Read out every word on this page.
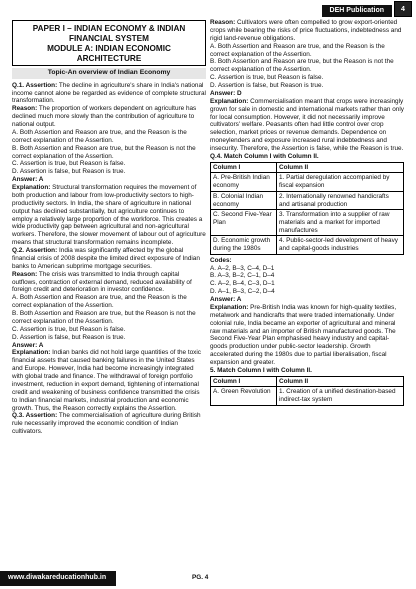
DEH Publication	4
PAPER I – INDIAN ECONOMY & INDIAN FINANCIAL SYSTEM
MODULE A: INDIAN ECONOMIC ARCHITECTURE
Topic-An overview of Indian Economy

Q.1. Assertion: The decline in agriculture's share in India's national income cannot alone be regarded as evidence of complete structural transformation.

Reason: The proportion of workers dependent on agriculture has declined much more slowly than the contribution of agriculture to national output.

A. Both Assertion and Reason are true, and the Reason is the correct explanation of the Assertion.

B. Both Assertion and Reason are true, but the Reason is not the correct explanation of the Assertion.

C. Assertion is true, but Reason is false.

D. Assertion is false, but Reason is true.

Answer: A

Explanation: Structural transformation requires the movement of both production and labour from low-productivity sectors to high-productivity sectors. In India, the share of agriculture in national output has declined substantially, but agriculture continues to employ a relatively large proportion of the workforce. This creates a wide productivity gap between agricultural and non-agricultural workers. Therefore, the slower movement of labour out of agriculture means that structural transformation remains incomplete.

Q.2. Assertion: India was significantly affected by the global financial crisis of 2008 despite the limited direct exposure of Indian banks to American subprime mortgage securities.

Reason: The crisis was transmitted to India through capital outflows, contraction of external demand, reduced availability of foreign credit and deterioration in investor confidence.

A. Both Assertion and Reason are true, and the Reason is the correct explanation of the Assertion.

B. Both Assertion and Reason are true, but the Reason is not the correct explanation of the Assertion.

C. Assertion is true, but Reason is false.

D. Assertion is false, but Reason is true.

Answer: A

Explanation: Indian banks did not hold large quantities of the toxic financial assets that caused banking failures in the United States and Europe. However, India had become increasingly integrated with global trade and finance. The withdrawal of foreign portfolio investment, reduction in export demand, tightening of international credit and weakening of business confidence transmitted the crisis to Indian financial markets, industrial production and economic growth. Thus, the Reason correctly explains the Assertion.

Q.3. Assertion: The commercialisation of agriculture during British rule necessarily improved the economic condition of Indian cultivators.

Reason: Cultivators were often compelled to grow export-oriented crops while bearing the risks of price fluctuations, indebtedness and rigid land-revenue obligations.

A. Both Assertion and Reason are true, and the Reason is the correct explanation of the Assertion.

B. Both Assertion and Reason are true, but the Reason is not the correct explanation of the Assertion.

C. Assertion is true, but Reason is false.

D. Assertion is false, but Reason is true.

Answer: D

Explanation: Commercialisation meant that crops were increasingly grown for sale in domestic and international markets rather than only for local consumption. However, it did not necessarily improve cultivators' welfare. Peasants often had little control over crop selection, market prices or revenue demands. Dependence on moneylenders and exposure increased rural indebtedness and insecurity. Therefore, the Assertion is false, while the Reason is true.

Q.4. Match Column I with Column II.

Column I	Column II
A. Pre-British Indian economy	1. Partial deregulation accompanied by fiscal expansion
B. Colonial Indian economy	2. Internationally renowned handicrafts and artisanal production
C. Second Five-Year Plan	3. Transformation into a supplier of raw materials and a market for imported manufactures
D. Economic growth during the 1980s	4. Public-sector-led development of heavy and capital-goods industries

Codes:

A. A–2, B–3, C–4, D–1

B. A–3, B–2, C–1, D–4

C. A–2, B–4, C–3, D–1

D. A–1, B–3, C–2, D–4

Answer: A

Explanation: Pre-British India was known for high-quality textiles, metalwork and handicrafts that were traded internationally. Under colonial rule, India became an exporter of agricultural and mineral raw materials and an importer of British manufactured goods. The Second Five-Year Plan emphasised heavy industry and capital-goods production under public-sector leadership. Growth accelerated during the 1980s due to partial liberalisation, fiscal expansion and greater.

5. Match Column I with Column II.

Column I	Column II
A. Green Revolution	1. Creation of a unified destination-based indirect-tax system
www.diwakareducationhub.in	PG. 4
